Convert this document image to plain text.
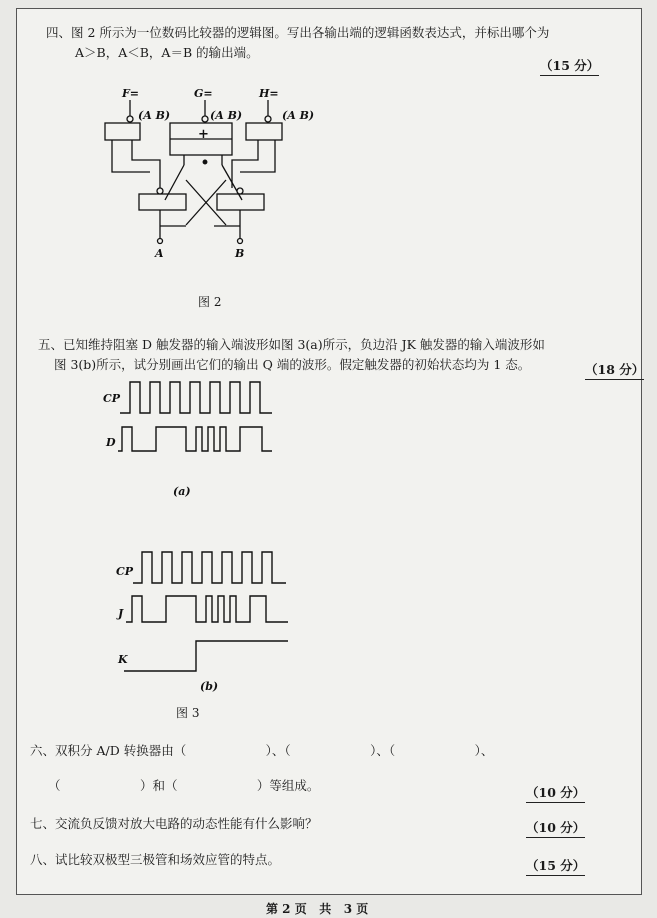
四、图 2 所示为一位数码比较器的逻辑图。写出各输出端的逻辑函数表达式，并标出哪个为
A＞B，A＜B，A＝B 的输出端。
（15 分）
F=	G=	H=
(A B)	(A B)	(A B)
+
A	B
图 2
五、已知维持阻塞 D 触发器的输入端波形如图 3(a)所示，负边沿 JK 触发器的输入端波形如
图 3(b)所示，试分别画出它们的输出 Q 端的波形。假定触发器的初始状态均为 1 态。	（18 分）
CP
D
CP
J
K
(a)
(b)
图 3
六、双积分 A/D 转换器由（                    ）、（                    ）、（                    ）、
（                    ）和（                    ）等组成。	（10 分）
七、交流负反馈对放大电路的动态性能有什么影响？	（10 分）
八、试比较双极型三极管和场效应管的特点。	（15 分）
第 2 页   共   3 页
